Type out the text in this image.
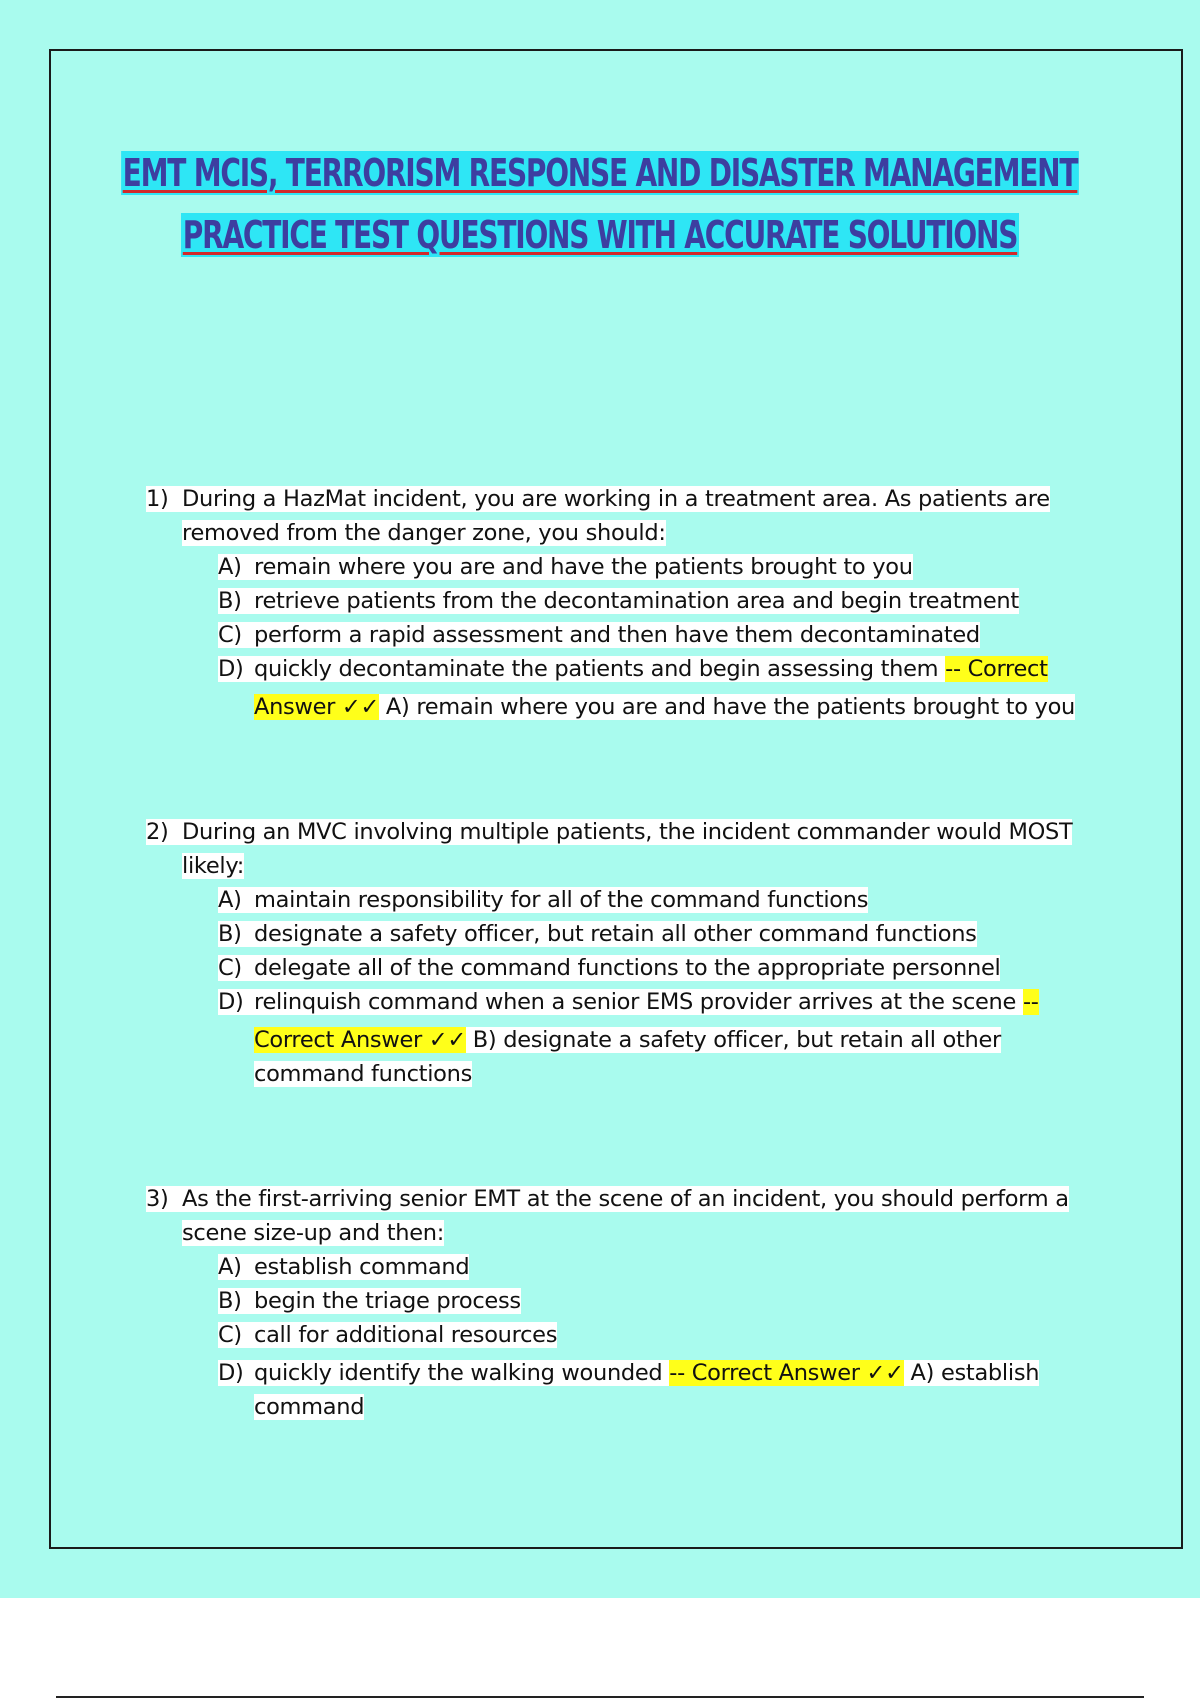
EMT MCIS, TERRORISM RESPONSE AND DISASTER MANAGEMENT
PRACTICE TEST QUESTIONS WITH ACCURATE SOLUTIONS
1) During a HazMat incident, you are working in a treatment area. As patients are
removed from the danger zone, you should:
A) remain where you are and have the patients brought to you
B) retrieve patients from the decontamination area and begin treatment
C) perform a rapid assessment and then have them decontaminated
D) quickly decontaminate the patients and begin assessing them -- Correct
Answer ✓✓ A) remain where you are and have the patients brought to you
2) During an MVC involving multiple patients, the incident commander would MOST
likely:
A) maintain responsibility for all of the command functions
B) designate a safety officer, but retain all other command functions
C) delegate all of the command functions to the appropriate personnel
D) relinquish command when a senior EMS provider arrives at the scene --
Correct Answer ✓✓ B) designate a safety officer, but retain all other
command functions
3) As the first-arriving senior EMT at the scene of an incident, you should perform a
scene size-up and then:
A) establish command
B) begin the triage process
C) call for additional resources
D) quickly identify the walking wounded -- Correct Answer ✓✓ A) establish
command
